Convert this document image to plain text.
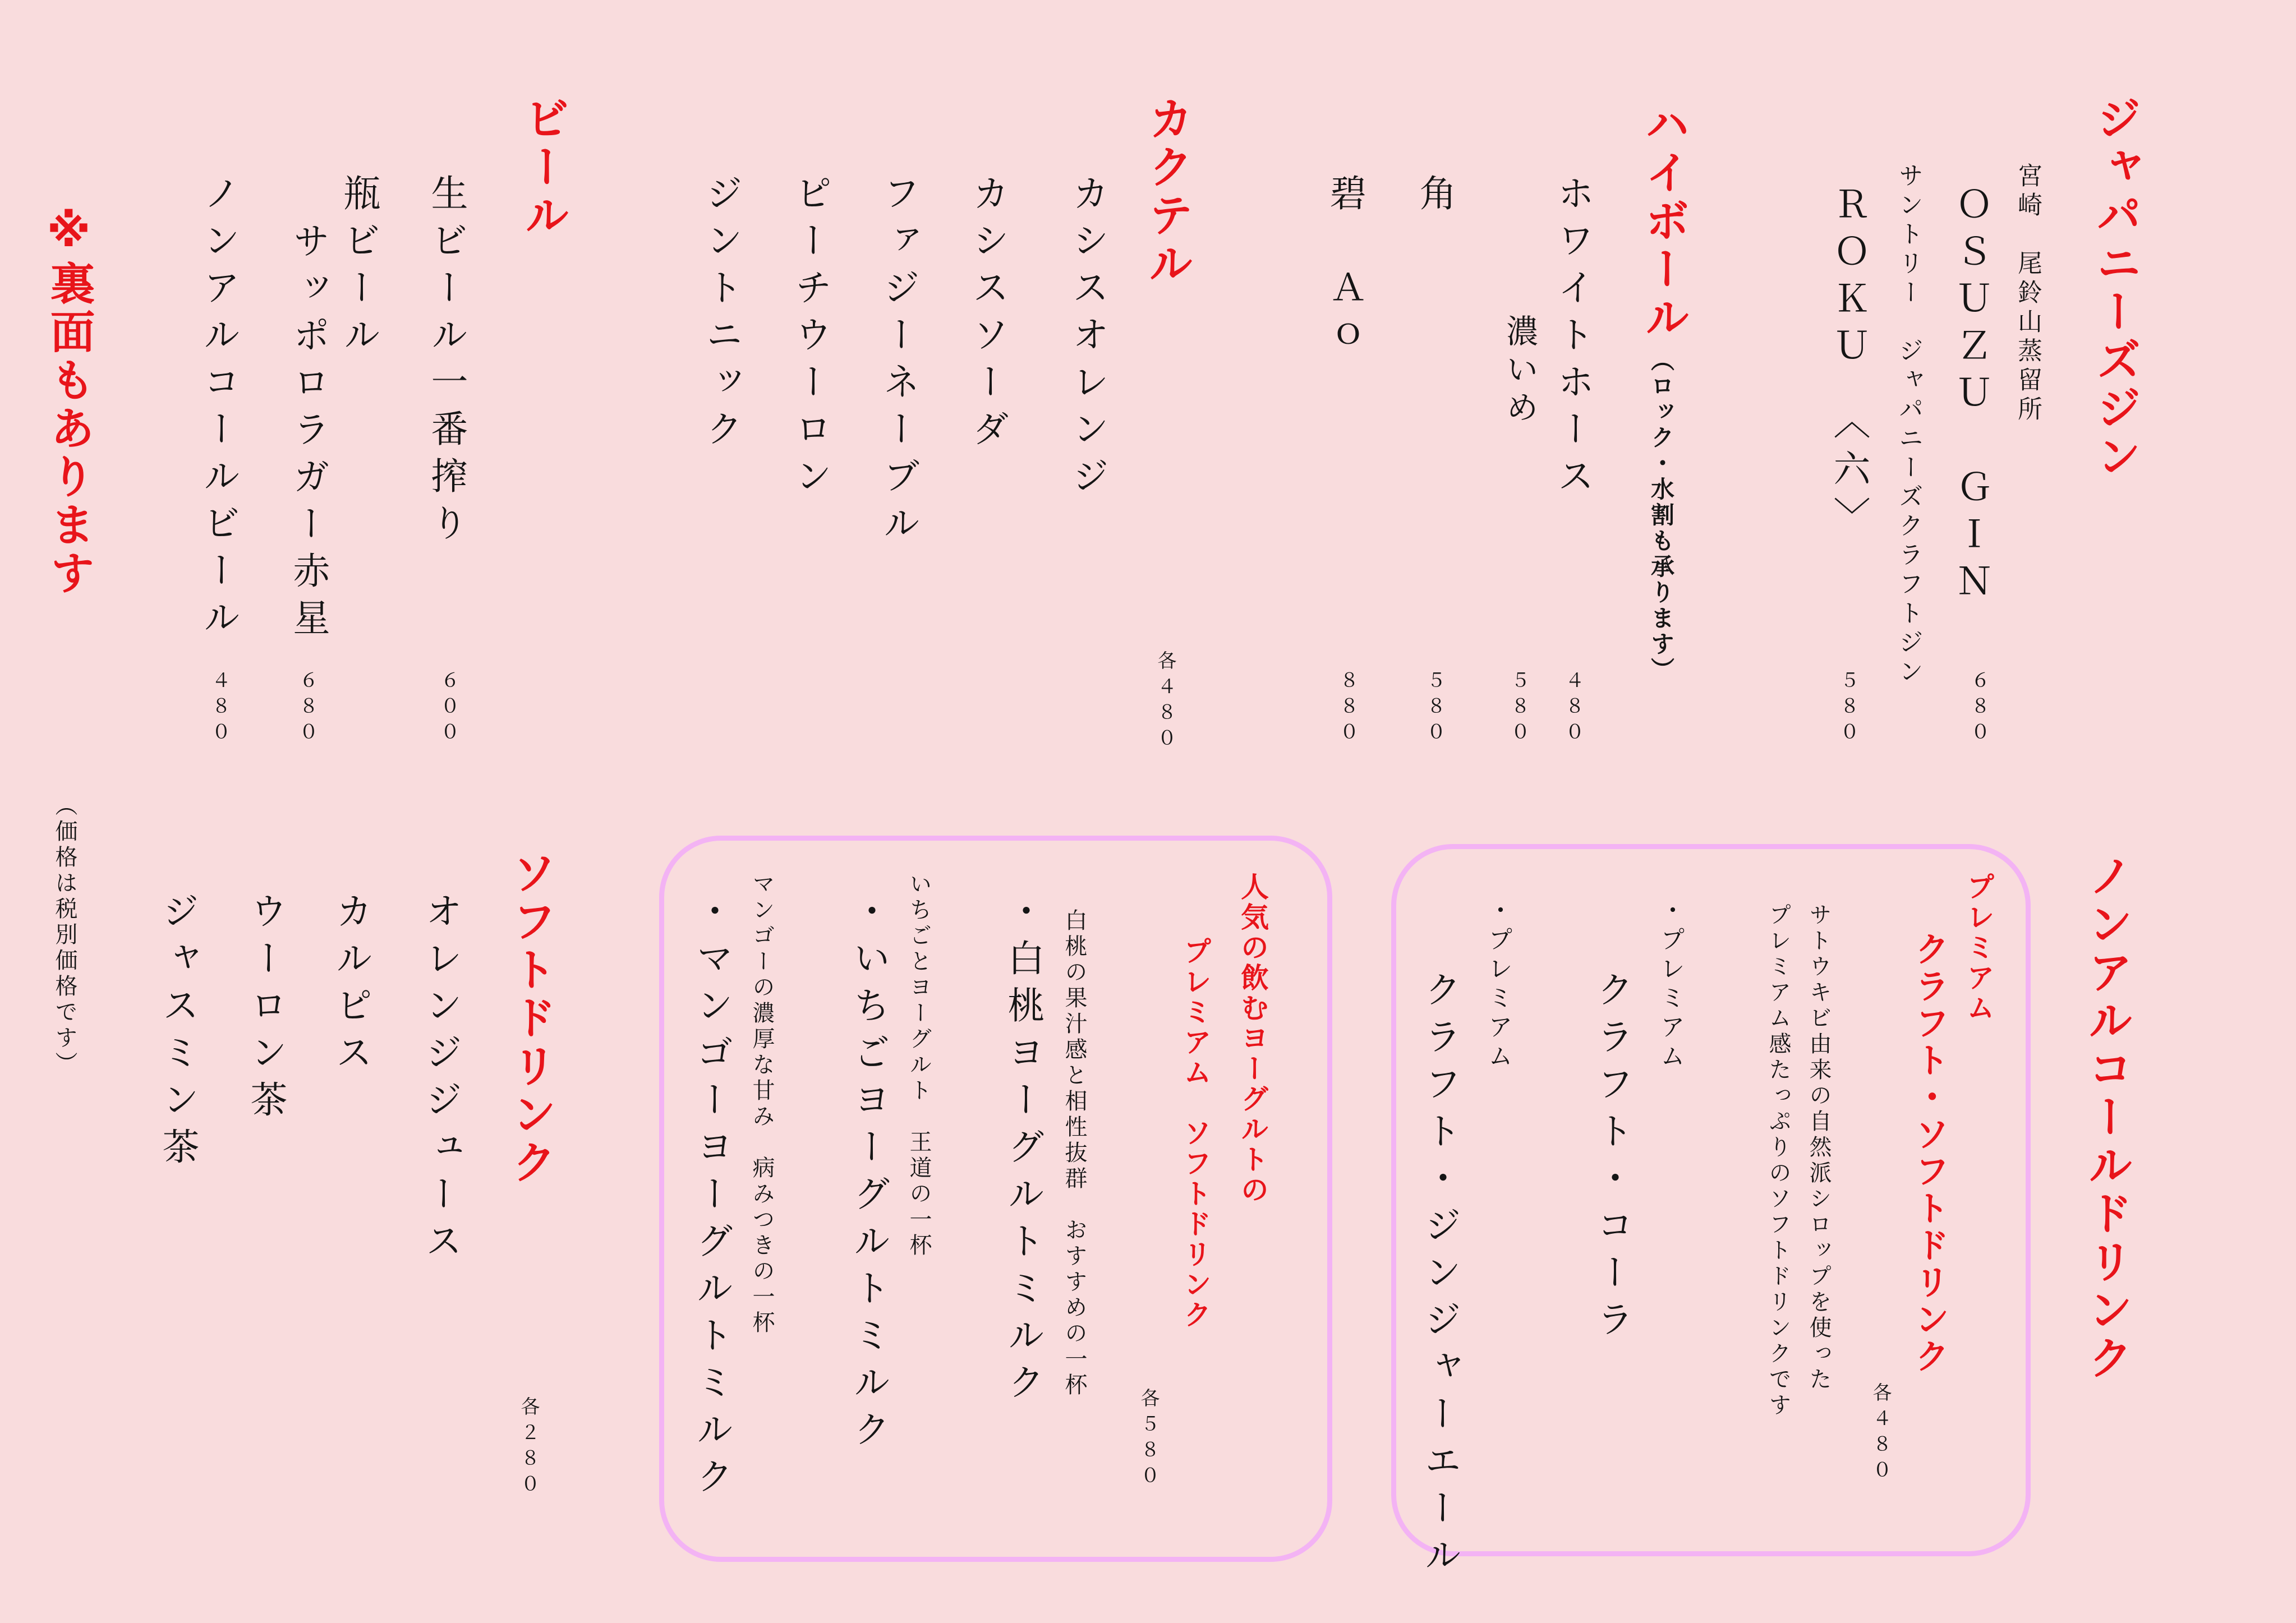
ジャパニーズジン
宮崎　尾鈴山蒸留所
ＯＳＵＺＵ　ＧＩＮ
６８０
サントリー　ジャパニーズクラフトジン
ＲＯＫＵ　〈六〉
５８０
ハイボール
（ロック・水割も承ります）
ホワイトホース
４８０
濃いめ
５８０
角
５８０
碧　Ａｏ
８８０
カクテル
各４８０
カシスオレンジ
カシスソーダ
ファジーネーブル
ピーチウーロン
ジントニック
ビール
生ビール一番搾り
６００
瓶ビール
サッポロラガー赤星
６８０
ノンアルコールビール
４８０
※裏面もあります
ノンアルコールドリンク
プレミアム
クラフト・ソフトドリンク
各４８０
サトウキビ由来の自然派シロップを使った
プレミアム感たっぷりのソフトドリンクです
・プレミアム
クラフト・コーラ
・プレミアム
クラフト・ジンジャーエール
人気の飲むヨーグルトの
プレミアム　ソフトドリンク
各５８０
白桃の果汁感と相性抜群　おすすめの一杯
・白桃ヨーグルトミルク
いちごとヨーグルト　王道の一杯
・いちごヨーグルトミルク
マンゴーの濃厚な甘み　病みつきの一杯
・マンゴーヨーグルトミルク
ソフトドリンク
各２８０
オレンジジュース
カルピス
ウーロン茶
ジャスミン茶
（価格は税別価格です）
